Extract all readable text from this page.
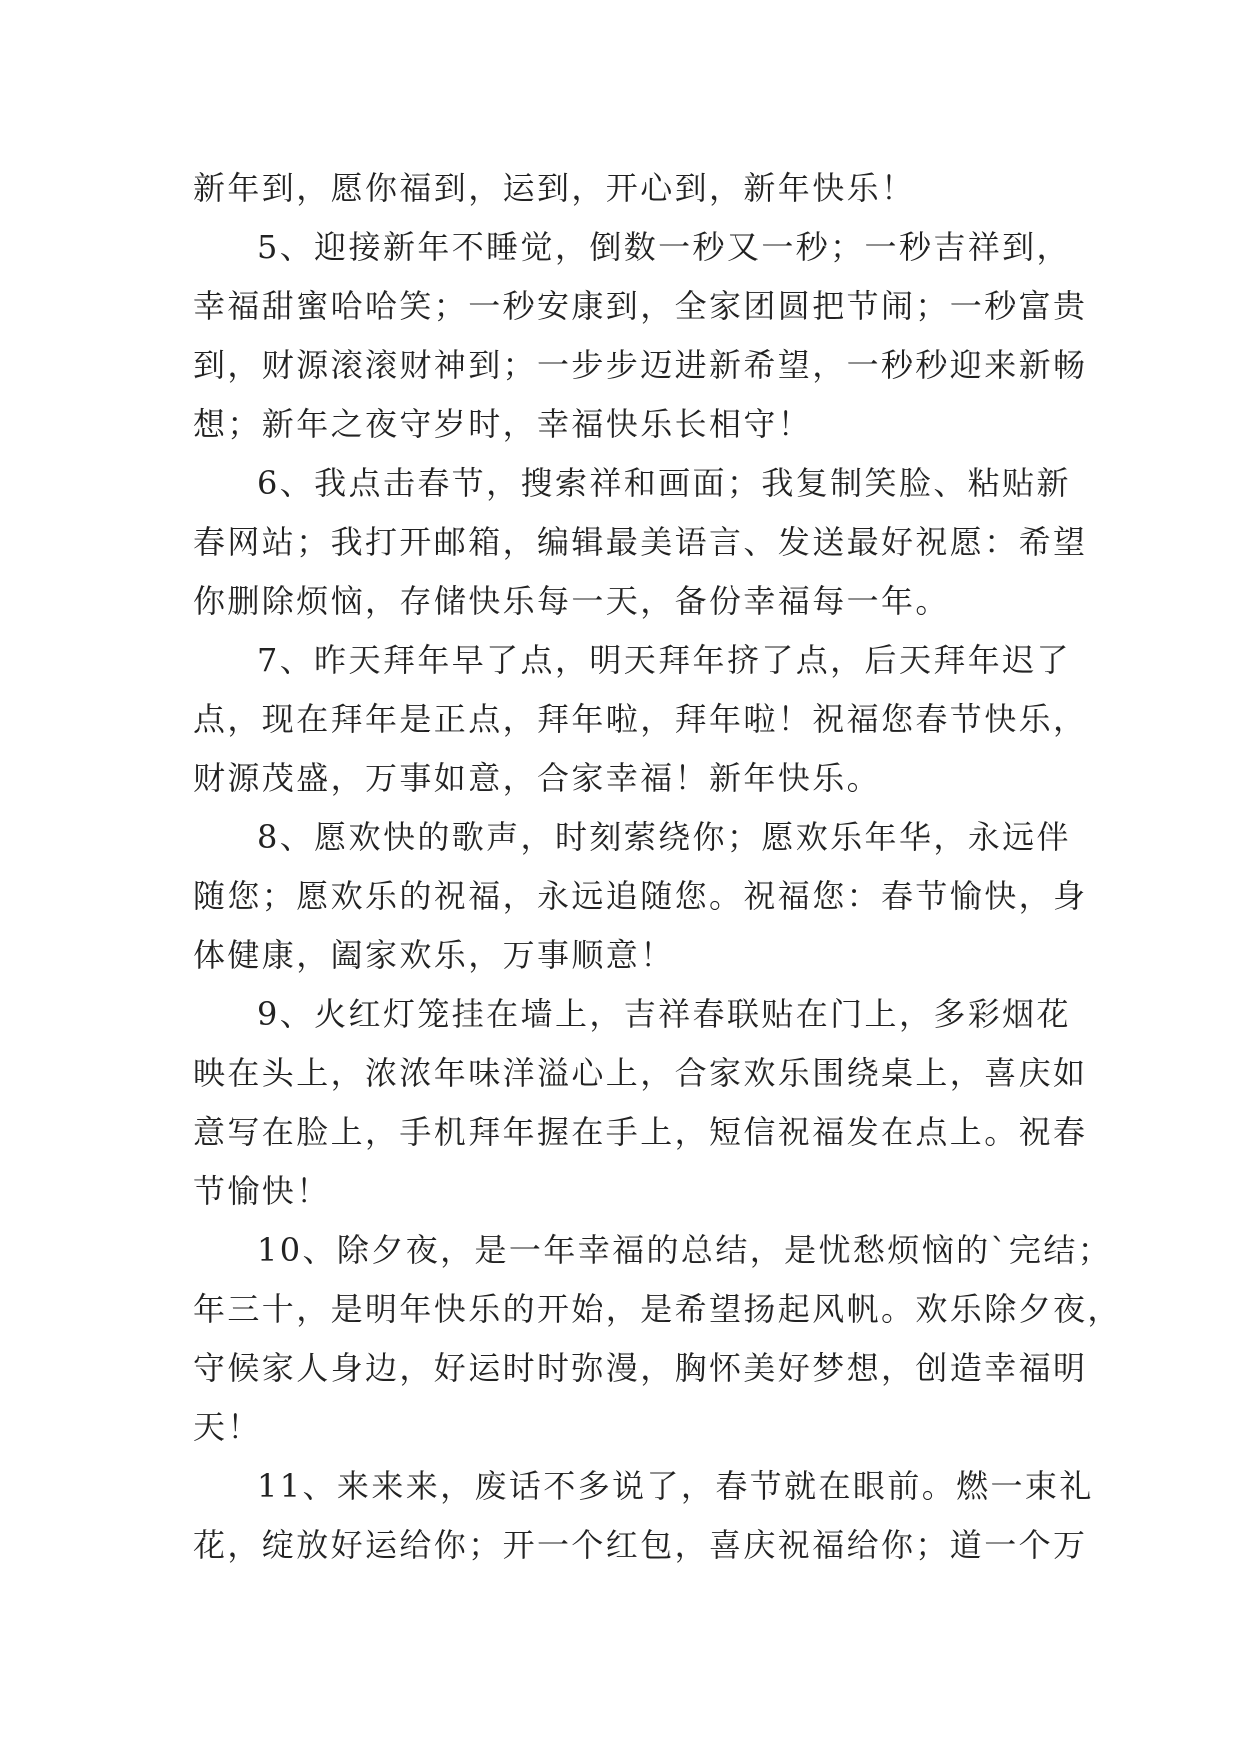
新年到，愿你福到，运到，开心到，新年快乐！
5、迎接新年不睡觉，倒数一秒又一秒；一秒吉祥到，
幸福甜蜜哈哈笑；一秒安康到，全家团圆把节闹；一秒富贵
到，财源滚滚财神到；一步步迈进新希望，一秒秒迎来新畅
想；新年之夜守岁时，幸福快乐长相守！
6、我点击春节，搜索祥和画面；我复制笑脸、粘贴新
春网站；我打开邮箱，编辑最美语言、发送最好祝愿：希望
你删除烦恼，存储快乐每一天，备份幸福每一年。
7、昨天拜年早了点，明天拜年挤了点，后天拜年迟了
点，现在拜年是正点，拜年啦，拜年啦！祝福您春节快乐，
财源茂盛，万事如意，合家幸福！新年快乐。
8、愿欢快的歌声，时刻萦绕你；愿欢乐年华，永远伴
随您；愿欢乐的祝福，永远追随您。祝福您：春节愉快，身
体健康，阖家欢乐，万事顺意！
9、火红灯笼挂在墙上，吉祥春联贴在门上，多彩烟花
映在头上，浓浓年味洋溢心上，合家欢乐围绕桌上，喜庆如
意写在脸上，手机拜年握在手上，短信祝福发在点上。祝春
节愉快！
10、除夕夜，是一年幸福的总结，是忧愁烦恼的`完结；
年三十，是明年快乐的开始，是希望扬起风帆。欢乐除夕夜，
守候家人身边，好运时时弥漫，胸怀美好梦想，创造幸福明
天！
11、来来来，废话不多说了，春节就在眼前。燃一束礼
花，绽放好运给你；开一个红包，喜庆祝福给你；道一个万
